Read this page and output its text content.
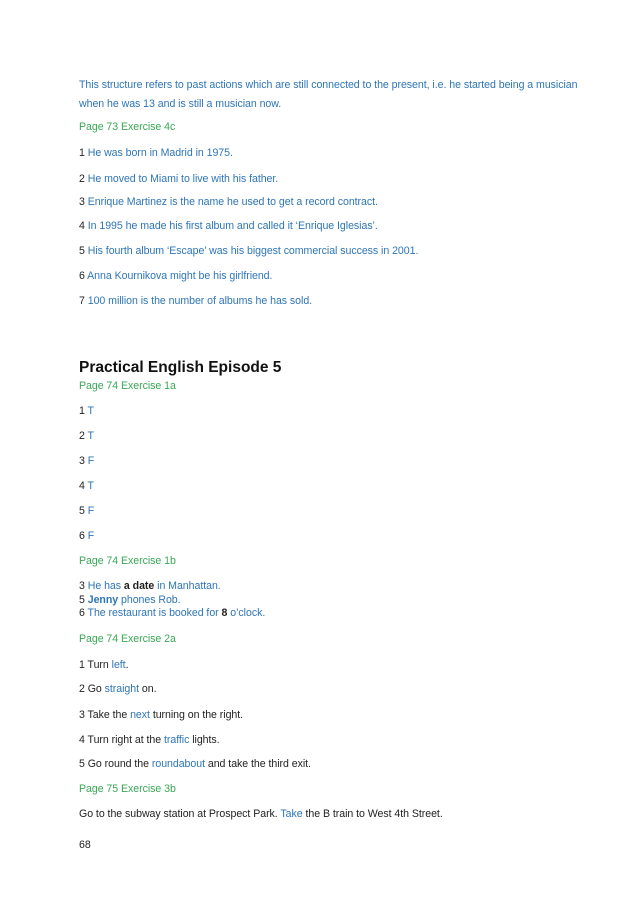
This structure refers to past actions which are still connected to the present, i.e. he started being a musician when he was 13 and is still a musician now.
Page 73 Exercise 4c
1 He was born in Madrid in 1975.
2 He moved to Miami to live with his father.
3 Enrique Martinez is the name he used to get a record contract.
4 In 1995 he made his first album and called it ‘Enrique Iglesias’.
5 His fourth album ‘Escape’ was his biggest commercial success in 2001.
6 Anna Kournikova might be his girlfriend.
7 100 million is the number of albums he has sold.
Practical English Episode 5
Page 74 Exercise 1a
1 T
2 T
3 F
4 T
5 F
6 F
Page 74 Exercise 1b
3 He has a date in Manhattan.
5 Jenny phones Rob.
6 The restaurant is booked for 8 o’clock.
Page 74 Exercise 2a
1 Turn left.
2 Go straight on.
3 Take the next turning on the right.
4 Turn right at the traffic lights.
5 Go round the roundabout and take the third exit.
Page 75 Exercise 3b
Go to the subway station at Prospect Park. Take the B train to West 4th Street.
68
